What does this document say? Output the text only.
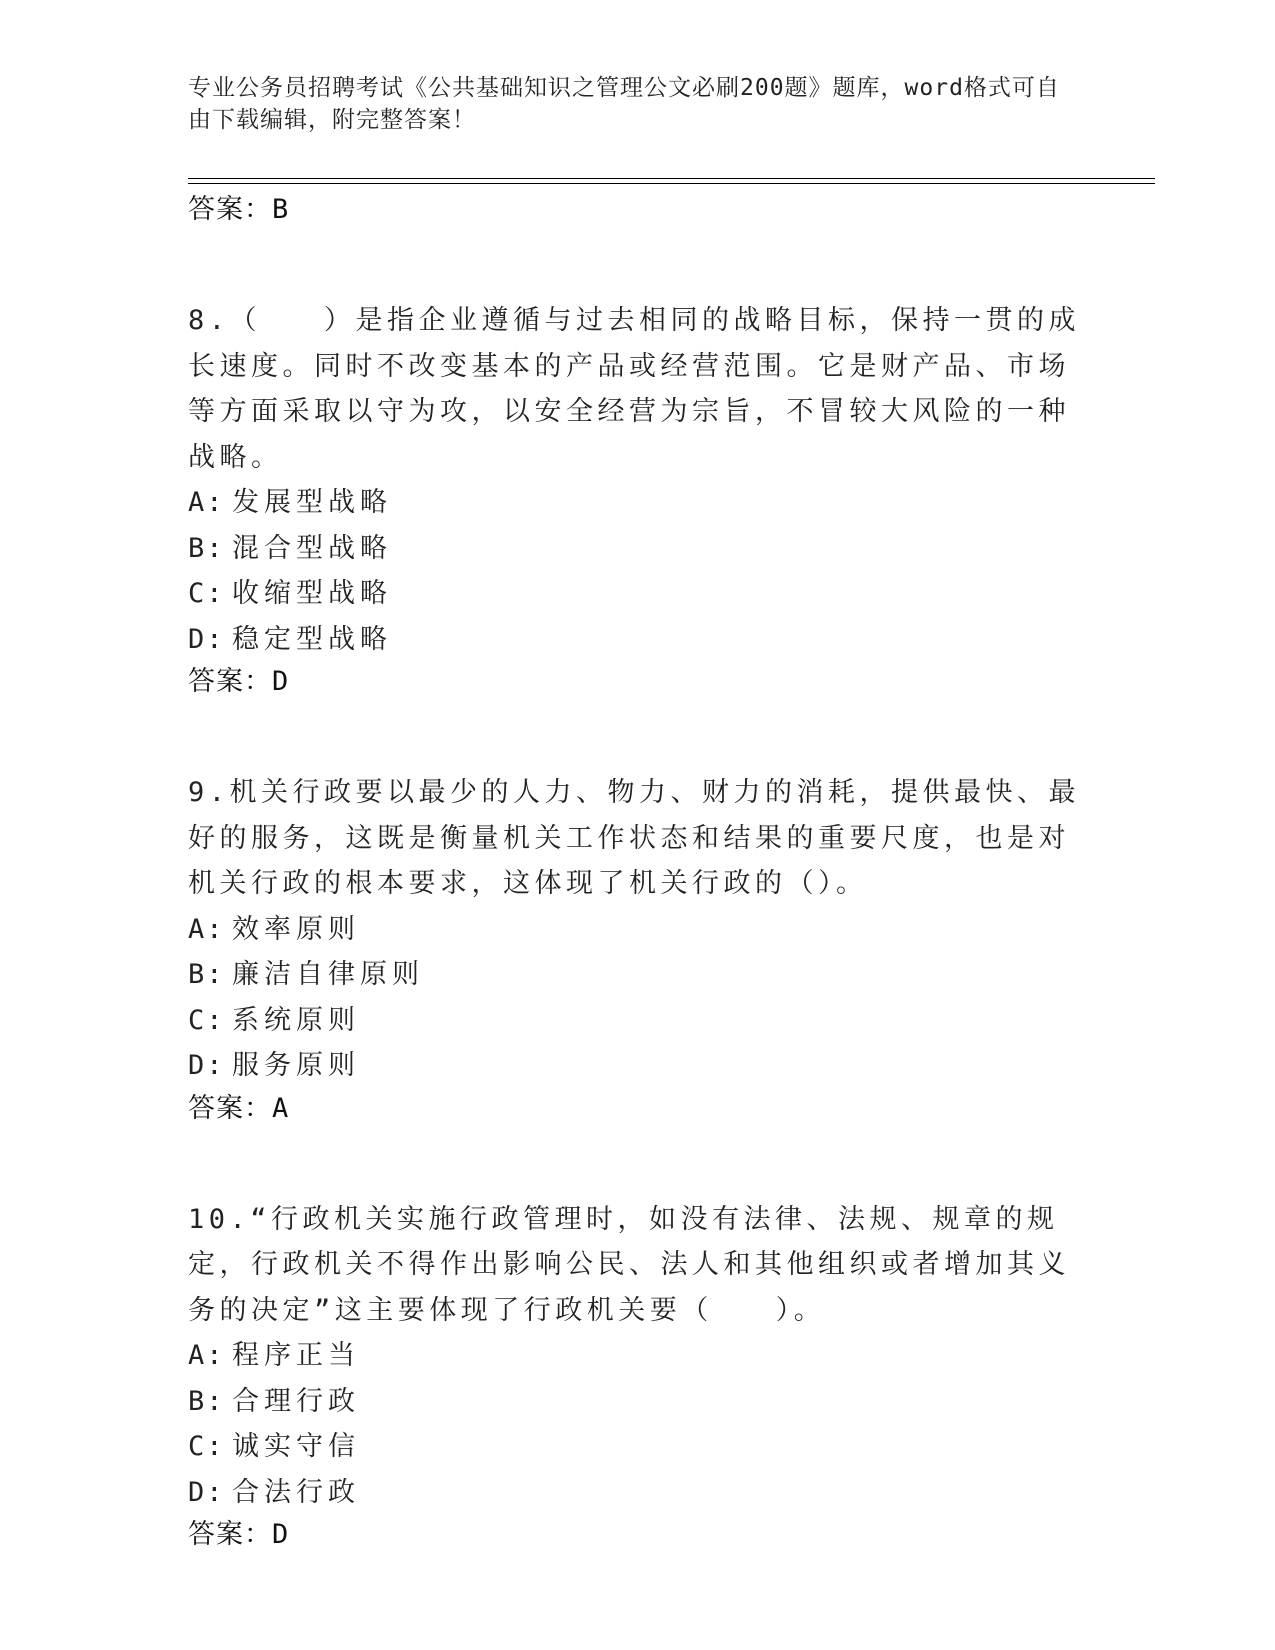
专业公务员招聘考试《公共基础知识之管理公文必刷200题》题库，word格式可自由下载编辑，附完整答案！

答案：B

8.（　　）是指企业遵循与过去相同的战略目标，保持一贯的成长速度。同时不改变基本的产品或经营范围。它是财产品、市场等方面采取以守为攻，以安全经营为宗旨，不冒较大风险的一种战略。

A: 发展型战略
B: 混合型战略
C: 收缩型战略
D: 稳定型战略

答案：D

9.机关行政要以最少的人力、物力、财力的消耗，提供最快、最好的服务，这既是衡量机关工作状态和结果的重要尺度，也是对机关行政的根本要求，这体现了机关行政的（）。

A: 效率原则
B: 廉洁自律原则
C: 系统原则
D: 服务原则

答案：A

10.“行政机关实施行政管理时，如没有法律、法规、规章的规定，行政机关不得作出影响公民、法人和其他组织或者增加其义务的决定”这主要体现了行政机关要（　　）。

A: 程序正当
B: 合理行政
C: 诚实守信
D: 合法行政

答案：D
